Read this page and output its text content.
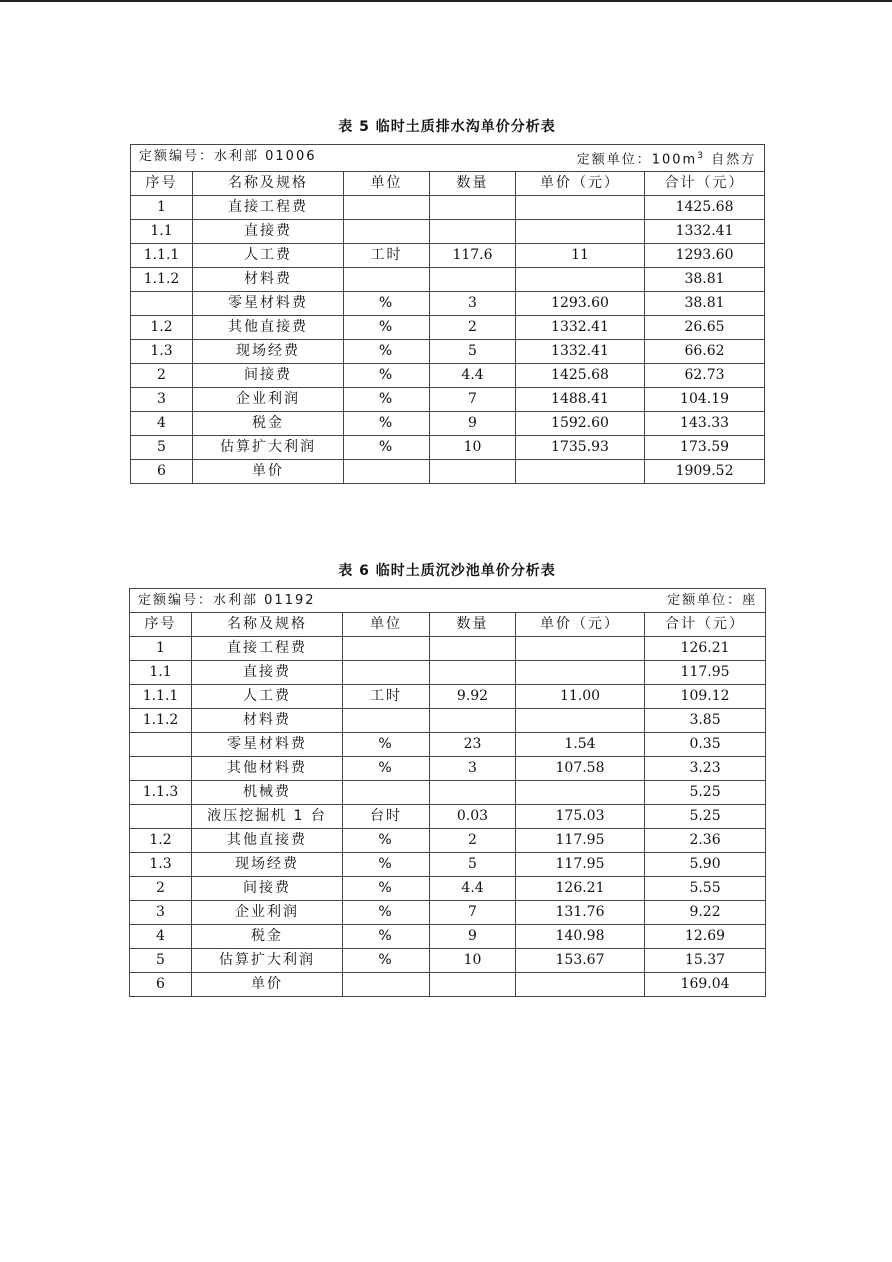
表 5 临时土质排水沟单价分析表
定额编号：水利部 01006 定额单位：$100m^3$ 自然方					

序号	名称及规格	单位	数量	单价（元）	合计（元）
1	直接工程费				1425.68
1.1	直接费				1332.41
1.1.1	人工费	工时	117.6	11	1293.60
1.1.2	材料费				38.81
	零星材料费	%	3	1293.60	38.81
1.2	其他直接费	%	2	1332.41	26.65
1.3	现场经费	%	5	1332.41	66.62
2	间接费	%	4.4	1425.68	62.73
3	企业利润	%	7	1488.41	104.19
4	税金	%	9	1592.60	143.33
5	估算扩大利润	%	10	1735.93	173.59
6	单价				1909.52
表 6 临时土质沉沙池单价分析表
定额编号：水利部 01192 定额单位：座					

序号	名称及规格	单位	数量	单价（元）	合计（元）
1	直接工程费				126.21
1.1	直接费				117.95
1.1.1	人工费	工时	9.92	11.00	109.12
1.1.2	材料费				3.85
	零星材料费	%	23	1.54	0.35
	其他材料费	%	3	107.58	3.23
1.1.3	机械费				5.25
	液压挖掘机 1 台	台时	0.03	175.03	5.25
1.2	其他直接费	%	2	117.95	2.36
1.3	现场经费	%	5	117.95	5.90
2	间接费	%	4.4	126.21	5.55
3	企业利润	%	7	131.76	9.22
4	税金	%	9	140.98	12.69
5	估算扩大利润	%	10	153.67	15.37
6	单价				169.04
